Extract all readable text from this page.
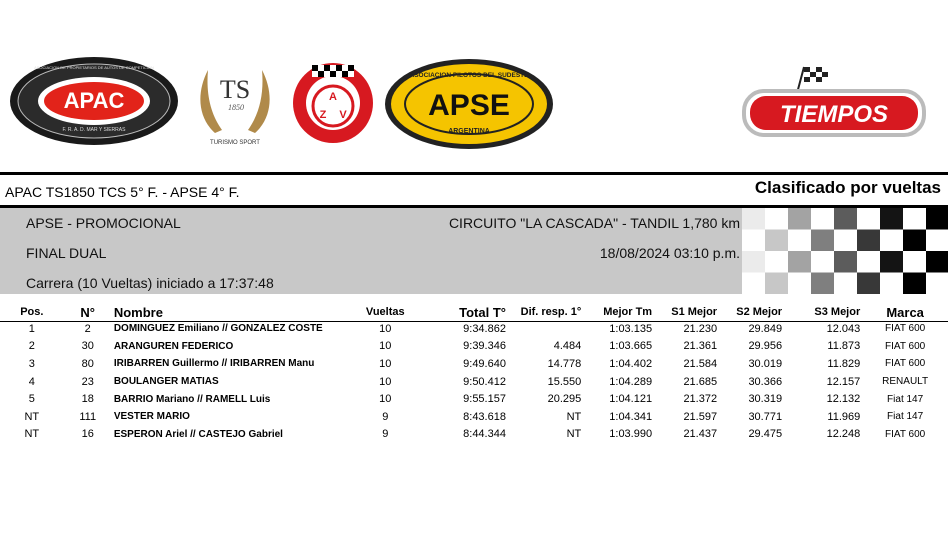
APAC
F. R. A. D. MAR Y SIERRAS
ASOCIACION DE PROPIETARIOS DE AUTOS DE COMPETICION
TS
1850
TURISMO SPORT
A
Z V
ASOCIACION PILOTOS DEL SUDESTE
APSE
ARGENTINA
TIEMPOS
APAC TS1850 TCS 5° F. - APSE 4° F.	Clasificado por vueltas
APSE - PROMOCIONAL
FINAL DUAL
Carrera (10 Vueltas) iniciado a 17:37:48
CIRCUITO "LA CASCADA" - TANDIL 1,780 km
18/08/2024 03:10 p.m.
Pos.	N°	Nombre	Vueltas	Total T°	Dif. resp. 1°	Mejor Tm	S1 Mejor	S2 Mejor	S3 Mejor	Marca
1	2	DOMINGUEZ Emiliano // GONZALEZ COSTE	10	9:34.862		1:03.135	21.230	29.849	12.043	FIAT 600
2	30	ARANGUREN FEDERICO	10	9:39.346	4.484	1:03.665	21.361	29.956	11.873	FIAT 600
3	80	IRIBARREN Guillermo // IRIBARREN Manu	10	9:49.640	14.778	1:04.402	21.584	30.019	11.829	FIAT 600
4	23	BOULANGER MATIAS	10	9:50.412	15.550	1:04.289	21.685	30.366	12.157	RENAULT
5	18	BARRIO Mariano // RAMELL Luis	10	9:55.157	20.295	1:04.121	21.372	30.319	12.132	Fiat 147
NT	111	VESTER MARIO	9	8:43.618	NT	1:04.341	21.597	30.771	11.969	Fiat 147
NT	16	ESPERON Ariel // CASTEJO Gabriel	9	8:44.344	NT	1:03.990	21.437	29.475	12.248	FIAT 600
